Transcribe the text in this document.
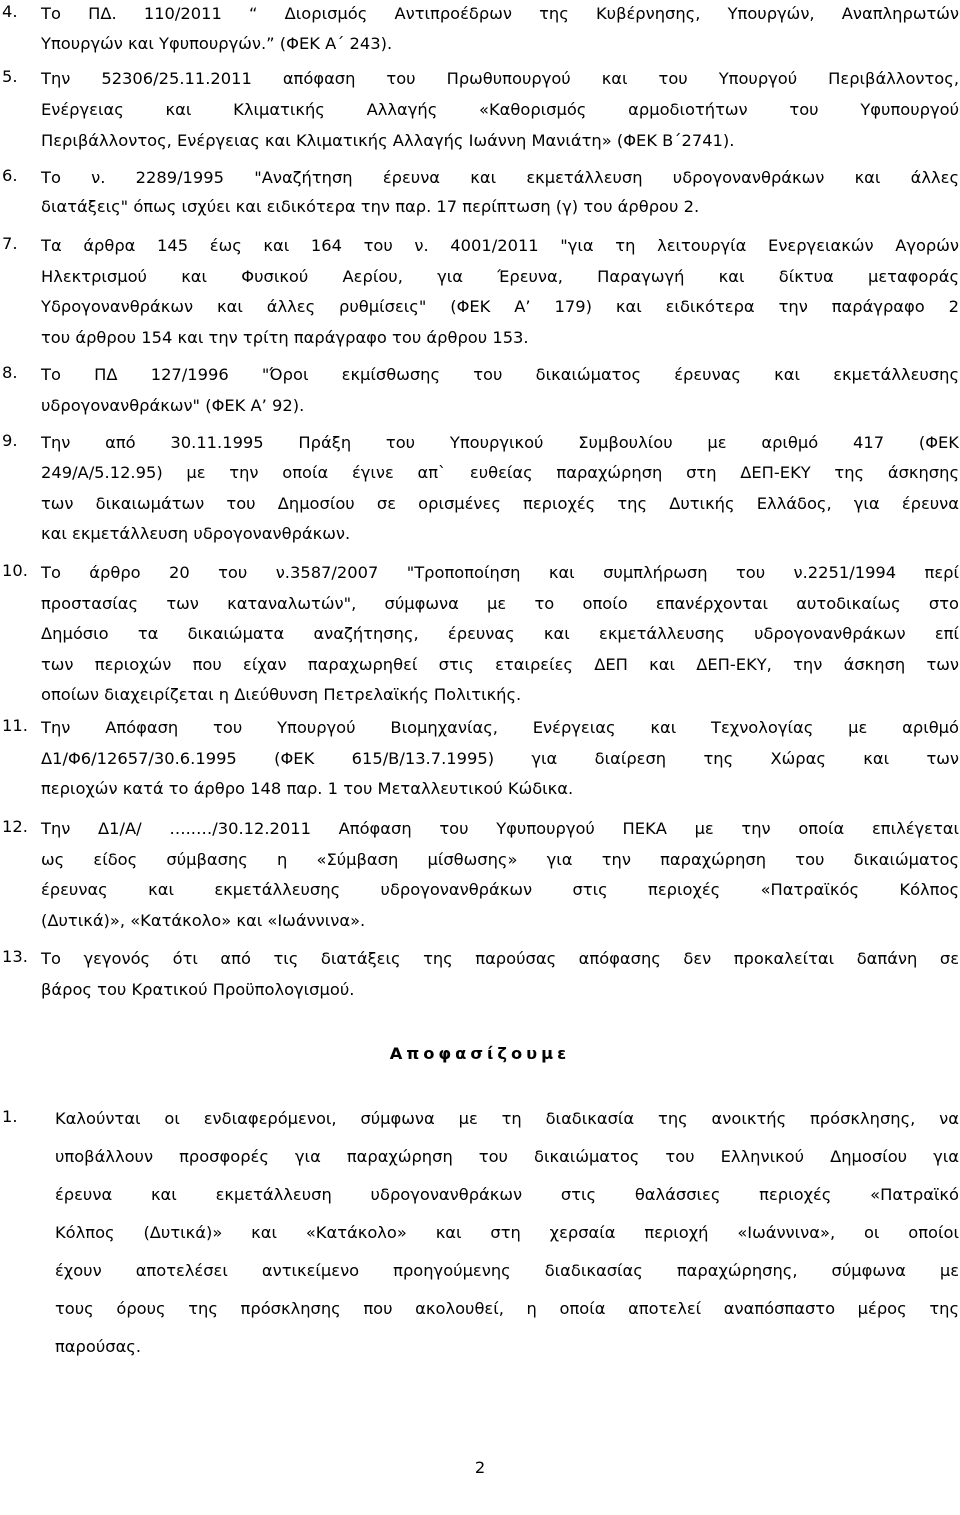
4. Το ΠΔ. 110/2011 “ Διορισμός Αντιπροέδρων της Κυβέρνησης, Υπουργών, Αναπληρωτών
Υπουργών και Υφυπουργών.” (ΦΕΚ Α΄ 243).
5. Την 52306/25.11.2011 απόφαση του Πρωθυπουργού και του Υπουργού Περιβάλλοντος,
Ενέργειας και Κλιματικής Αλλαγής «Καθορισμός αρμοδιοτήτων του Υφυπουργού
Περιβάλλοντος, Ενέργειας και Κλιματικής Αλλαγής Ιωάννη Μανιάτη» (ΦΕΚ Β΄2741).
6. Το ν. 2289/1995 "Αναζήτηση έρευνα και εκμετάλλευση υδρογονανθράκων και άλλες
διατάξεις" όπως ισχύει και ειδικότερα την παρ. 17 περίπτωση (γ) του άρθρου 2.
7. Τα άρθρα 145 έως και 164 του ν. 4001/2011 "για τη λειτουργία Ενεργειακών Αγορών
Ηλεκτρισμού και Φυσικού Αερίου, για Έρευνα, Παραγωγή και δίκτυα μεταφοράς
Υδρογονανθράκων και άλλες ρυθμίσεις" (ΦΕΚ Α’ 179) και ειδικότερα την παράγραφο 2
του άρθρου 154 και την τρίτη παράγραφο του άρθρου 153.
8. Το ΠΔ 127/1996 "Όροι εκμίσθωσης του δικαιώματος έρευνας και εκμετάλλευσης
υδρογονανθράκων" (ΦΕΚ Α’ 92).
9. Την από 30.11.1995 Πράξη του Υπουργικού Συμβουλίου με αριθμό 417 (ΦΕΚ
249/Α/5.12.95) με την οποία έγινε απ` ευθείας παραχώρηση στη ΔΕΠ-ΕΚΥ της άσκησης
των δικαιωμάτων του Δημοσίου σε ορισμένες περιοχές της Δυτικής Ελλάδος, για έρευνα
και εκμετάλλευση υδρογονανθράκων.
10. Το άρθρο 20 του ν.3587/2007 "Τροποποίηση και συμπλήρωση του ν.2251/1994 περί
προστασίας των καταναλωτών", σύμφωνα με το οποίο επανέρχονται αυτοδικαίως στο
Δημόσιο τα δικαιώματα αναζήτησης, έρευνας και εκμετάλλευσης υδρογονανθράκων επί
των περιοχών που είχαν παραχωρηθεί στις εταιρείες ΔΕΠ και ΔΕΠ-ΕΚΥ, την άσκηση των
οποίων διαχειρίζεται η Διεύθυνση Πετρελαϊκής Πολιτικής.
11. Την Απόφαση του Υπουργού Βιομηχανίας, Ενέργειας και Τεχνολογίας με αριθμό
Δ1/Φ6/12657/30.6.1995 (ΦΕΚ 615/Β/13.7.1995) για διαίρεση της Χώρας και των
περιοχών κατά το άρθρο 148 παρ. 1 του Μεταλλευτικού Κώδικα.
12. Την Δ1/Α/ …..…/30.12.2011 Απόφαση του Υφυπουργού ΠΕΚΑ με την οποία επιλέγεται
ως είδος σύμβασης η «Σύμβαση μίσθωσης» για την παραχώρηση του δικαιώματος
έρευνας και εκμετάλλευσης υδρογονανθράκων στις περιοχές «Πατραϊκός Κόλπος
(Δυτικά)», «Κατάκολο» και «Ιωάννινα».
13. Το γεγονός ότι από τις διατάξεις της παρούσας απόφασης δεν προκαλείται δαπάνη σε
βάρος του Κρατικού Προϋπολογισμού.
Αποφασίζουμε
1. Καλούνται οι ενδιαφερόμενοι, σύμφωνα με τη διαδικασία της ανοικτής πρόσκλησης, να
υποβάλλουν προσφορές για παραχώρηση του δικαιώματος του Ελληνικού Δημοσίου για
έρευνα και εκμετάλλευση υδρογονανθράκων στις θαλάσσιες περιοχές «Πατραϊκό
Κόλπος (Δυτικά)» και «Κατάκολο» και στη χερσαία περιοχή «Ιωάννινα», οι οποίοι
έχουν αποτελέσει αντικείμενο προηγούμενης διαδικασίας παραχώρησης, σύμφωνα με
τους όρους της πρόσκλησης που ακολουθεί, η οποία αποτελεί αναπόσπαστο μέρος της
παρούσας.
2
